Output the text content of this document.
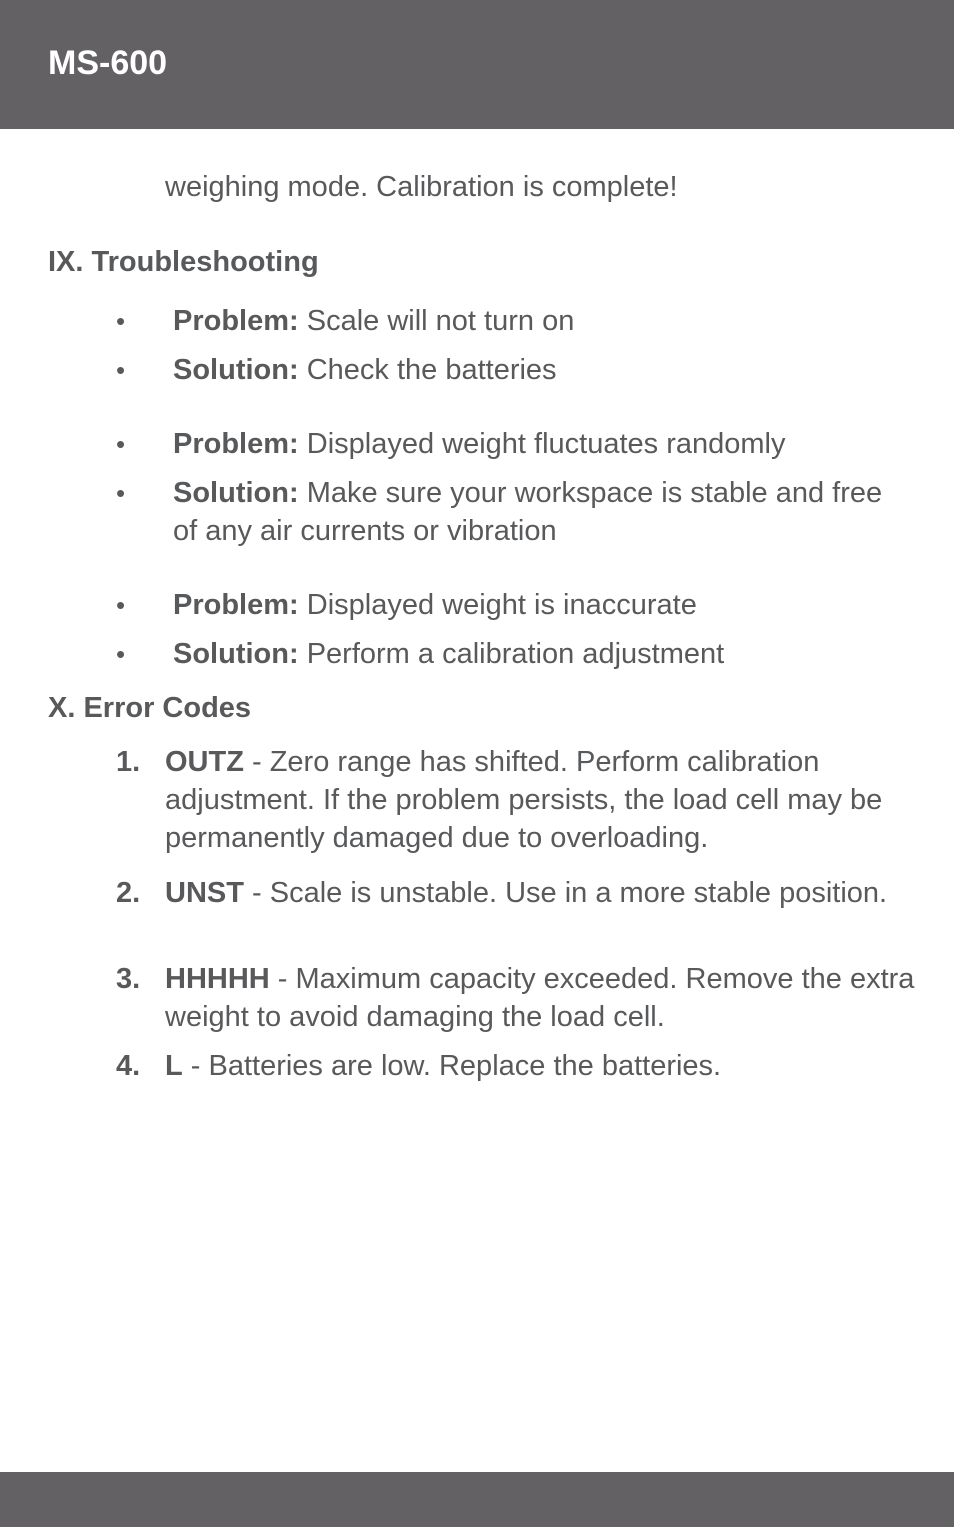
MS-600
weighing mode. Calibration is complete!
IX. Troubleshooting
• Problem: Scale will not turn on
• Solution: Check the batteries
• Problem: Displayed weight fluctuates randomly
• Solution: Make sure your workspace is stable and free of any air currents or vibration
• Problem: Displayed weight is inaccurate
• Solution: Perform a calibration adjustment
X. Error Codes
1. OUTZ - Zero range has shifted. Perform calibration adjustment. If the problem persists, the load cell may be permanently damaged due to overloading.
2. UNST - Scale is unstable. Use in a more stable position.
3. HHHHH - Maximum capacity exceeded. Remove the extra weight to avoid damaging the load cell.
4. L - Batteries are low. Replace the batteries.
